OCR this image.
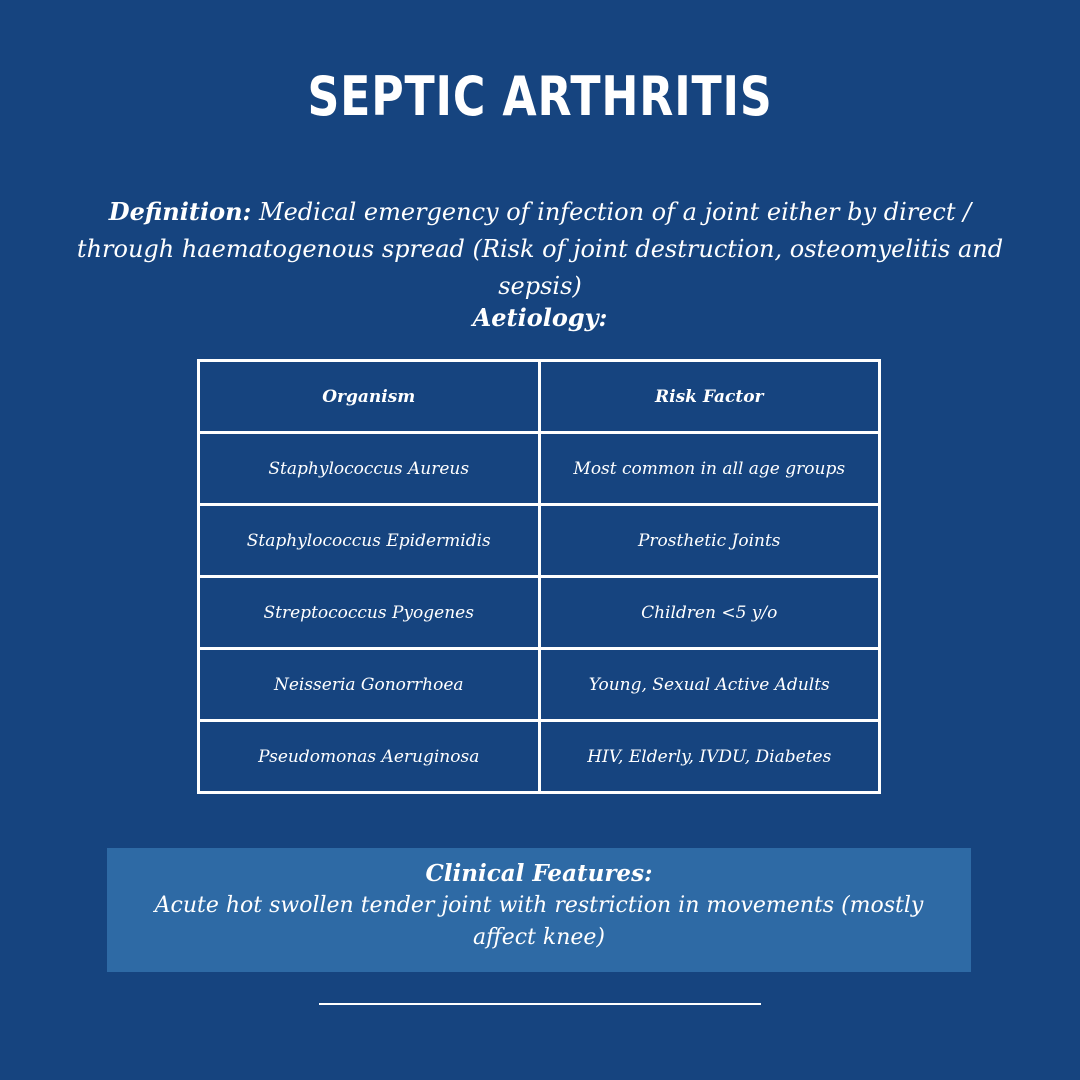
SEPTIC ARTHRITIS

Definition: Medical emergency of infection of a joint either by direct / through haematogenous spread (Risk of joint destruction, osteomyelitis and sepsis)

Aetiology:
Organism	Risk Factor
Staphylococcus Aureus	Most common in all age groups
Staphylococcus Epidermidis	Prosthetic Joints
Streptococcus Pyogenes	Children <5 y/o
Neisseria Gonorrhoea	Young, Sexual Active Adults
Pseudomonas Aeruginosa	HIV, Elderly, IVDU, Diabetes

Clinical Features:

Acute hot swollen tender joint with restriction in movements (mostly affect knee)
